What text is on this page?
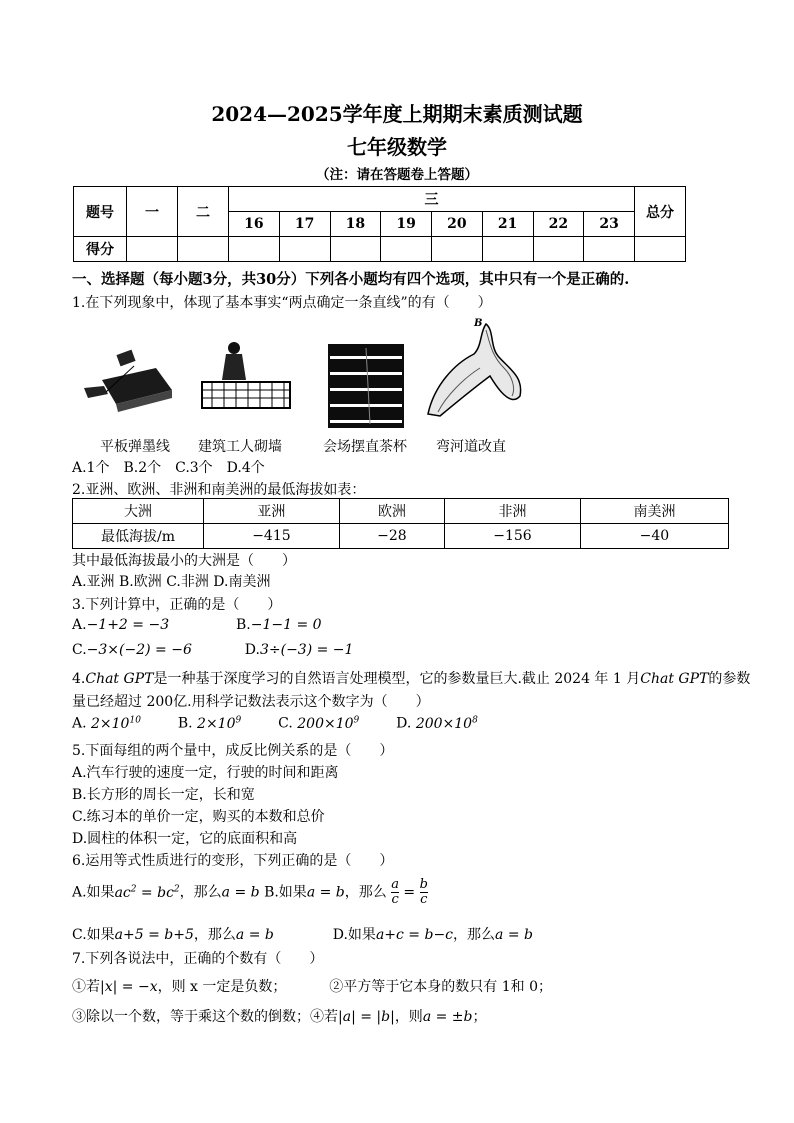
2024—2025学年度上期期末素质测试题
七年级数学
（注：请在答题卷上答题）
题号	一	二	三								总分
			16	17	18	19	20	21	22	23	
得分											
一、选择题（每小题3分，共30分）下列各小题均有四个选项，其中只有一个是正确的.
1.在下列现象中，体现了基本事实“两点确定一条直线”的有（　　）
B
平板弹墨线 建筑工人砌墙	会场摆直茶杯 弯河道改直
A.1个　B.2个　C.3个　D.4个
2.亚洲、欧洲、非洲和南美洲的最低海拔如表：
大洲	亚洲	欧洲	非洲	南美洲
最低海拔/m	−415	−28	−156	−40
其中最低海拔最小的大洲是（　　）
A.亚洲 B.欧洲 C.非洲 D.南美洲
3.下列计算中，正确的是（　　）
A.−1+2 = −3	B.−1−1 = 0
C.−3×(−2) = −6	D.3÷(−3) = −1
4.Chat GPT是一种基于深度学习的自然语言处理模型，它的参数量巨大.截止 2024 年 1 月Chat GPT的参数
量已经超过 200亿.用科学记数法表示这个数字为（　　）
A. $2\times 10^{10}$	B. $2\times 10^9$	C. $200\times 10^9$	D. $200\times 10^8$
5.下面每组的两个量中，成反比例关系的是（　　）
A.汽车行驶的速度一定，行驶的时间和距离
B.长方形的周长一定，长和宽
C.练习本的单价一定，购买的本数和总价
D.圆柱的体积一定，它的底面积和高
6.运用等式性质进行的变形，下列正确的是（　　）
A.如果$ac^2 = bc^2$，那么a = b B.如果a = b，那么 $\frac{a}{c} = \frac{b}{c}$
C.如果a+5 = b+5，那么a = b	D.如果a+c = b−c，那么a = b
7.下列各说法中，正确的个数有（　　）
①若|x| = −x，则 x 一定是负数；	②平方等于它本身的数只有 1和 0；
③除以一个数，等于乘这个数的倒数；④若|a| = |b|，则a = ±b；
